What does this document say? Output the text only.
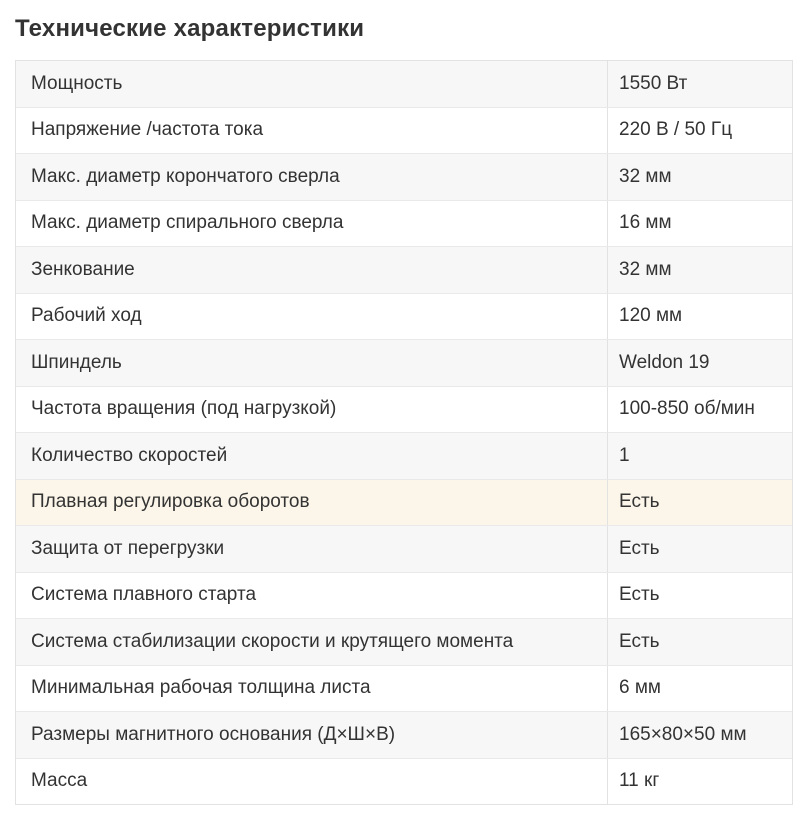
Технические характеристики
Мощность	1550 Вт
Напряжение /частота тока	220 В / 50 Гц
Макс. диаметр корончатого сверла	32 мм
Макс. диаметр спирального сверла	16 мм
Зенкование	32 мм
Рабочий ход	120 мм
Шпиндель	Weldon 19
Частота вращения (под нагрузкой)	100-850 об/мин
Количество скоростей	1
Плавная регулировка оборотов	Есть
Защита от перегрузки	Есть
Система плавного старта	Есть
Система стабилизации скорости и крутящего момента	Есть
Минимальная рабочая толщина листа	6 мм
Размеры магнитного основания (Д×Ш×В)	165×80×50 мм
Масса	11 кг
